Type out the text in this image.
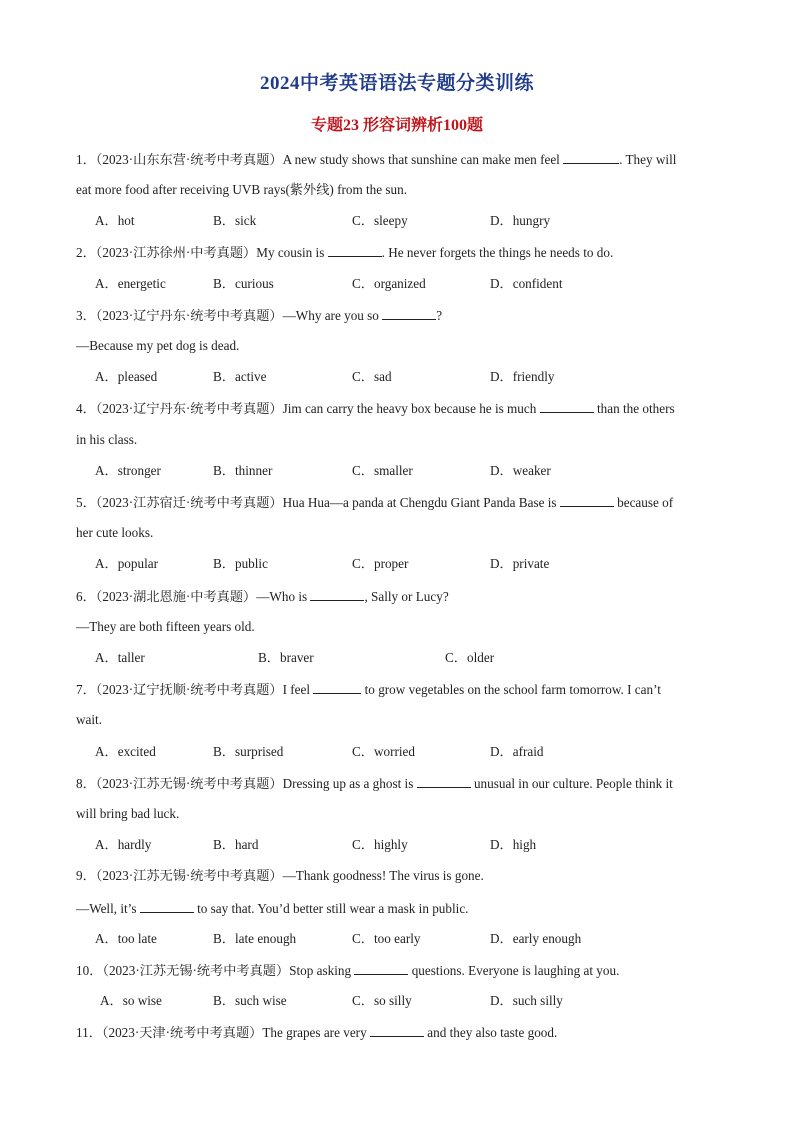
2024中考英语语法专题分类训练
专题23 形容词辨析100题
1．（2023·山东东营·统考中考真题）A new study shows that sunshine can make men feel	. They will
eat more food after receiving UVB rays(紫外线) from the sun.
A．hot	B．sick	C．sleepy	D．hungry
2．（2023·江苏徐州·中考真题）My cousin is	. He never forgets the things he needs to do.
A．energetic	B．curious	C．organized	D．confident
3．（2023·辽宁丹东·统考中考真题）—Why are you so	?
—Because my pet dog is dead.
A．pleased	B．active	C．sad	D．friendly
4．（2023·辽宁丹东·统考中考真题）Jim can carry the heavy box because he is much	than the others
in his class.
A．stronger	B．thinner	C．smaller	D．weaker
5．（2023·江苏宿迁·统考中考真题）Hua Hua—a panda at Chengdu Giant Panda Base is	because of
her cute looks.
A．popular	B．public	C．proper	D．private
6．（2023·湖北恩施·中考真题）—Who is	, Sally or Lucy?
—They are both fifteen years old.
A．taller	B．braver	C．older
7．（2023·辽宁抚顺·统考中考真题）I feel	to grow vegetables on the school farm tomorrow. I can’t
wait.
A．excited	B．surprised	C．worried	D．afraid
8．（2023·江苏无锡·统考中考真题）Dressing up as a ghost is	unusual in our culture. People think it
will bring bad luck.
A．hardly	B．hard	C．highly	D．high
9．（2023·江苏无锡·统考中考真题）—Thank goodness! The virus is gone.
—Well, it’s	to say that. You’d better still wear a mask in public.
A．too late	B．late enough	C．too early	D．early enough
10．（2023·江苏无锡·统考中考真题）Stop asking	questions. Everyone is laughing at you.
A．so wise	B．such wise	C．so silly	D．such silly
11．（2023·天津·统考中考真题）The grapes are very	and they also taste good.
